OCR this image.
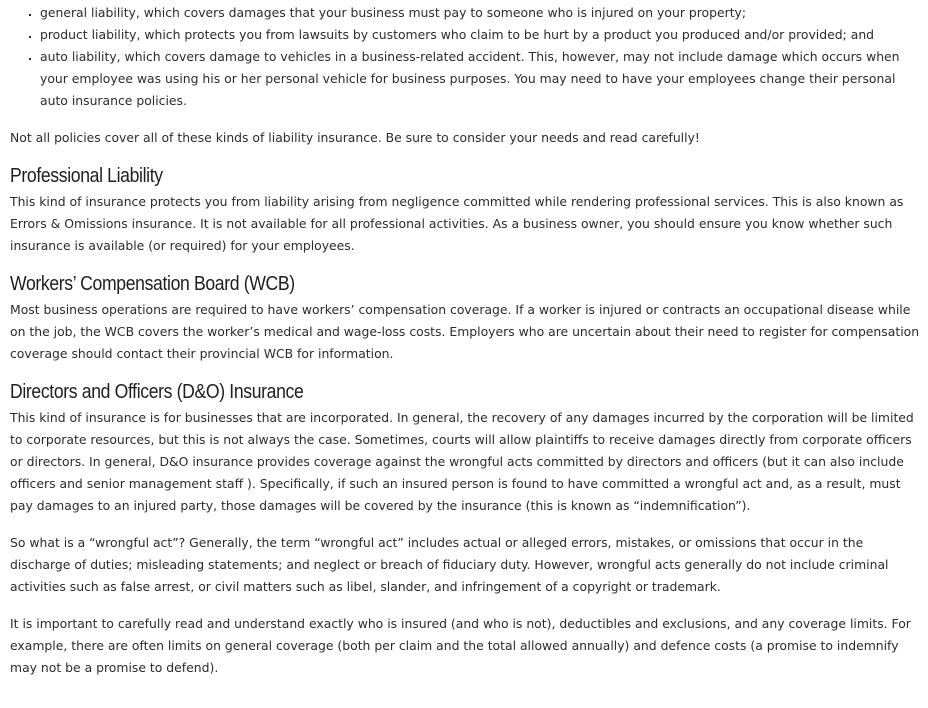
▪ general liability, which covers damages that your business must pay to someone who is injured on your property;
▪ product liability, which protects you from lawsuits by customers who claim to be hurt by a product you produced and/or provided; and
▪ auto liability, which covers damage to vehicles in a business-related accident. This, however, may not include damage which occurs when your employee was using his or her personal vehicle for business purposes. You may need to have your employees change their personal auto insurance policies.

Not all policies cover all of these kinds of liability insurance. Be sure to consider your needs and read carefully!

Professional Liability

This kind of insurance protects you from liability arising from negligence committed while rendering professional services. This is also known as Errors & Omissions insurance. It is not available for all professional activities. As a business owner, you should ensure you know whether such insurance is available (or required) for your employees.

Workers’ Compensation Board (WCB)

Most business operations are required to have workers’ compensation coverage. If a worker is injured or contracts an occupational disease while on the job, the WCB covers the worker’s medical and wage-loss costs. Employers who are uncertain about their need to register for compensation coverage should contact their provincial WCB for information.

Directors and Officers (D&O) Insurance

This kind of insurance is for businesses that are incorporated. In general, the recovery of any damages incurred by the corporation will be limited to corporate resources, but this is not always the case. Sometimes, courts will allow plaintiffs to receive damages directly from corporate officers or directors. In general, D&O insurance provides coverage against the wrongful acts committed by directors and officers (but it can also include officers and senior management staff ). Specifically, if such an insured person is found to have committed a wrongful act and, as a result, must pay damages to an injured party, those damages will be covered by the insurance (this is known as “indemnification”).

So what is a “wrongful act”? Generally, the term “wrongful act” includes actual or alleged errors, mistakes, or omissions that occur in the discharge of duties; misleading statements; and neglect or breach of fiduciary duty. However, wrongful acts generally do not include criminal activities such as false arrest, or civil matters such as libel, slander, and infringement of a copyright or trademark.

It is important to carefully read and understand exactly who is insured (and who is not), deductibles and exclusions, and any coverage limits. For example, there are often limits on general coverage (both per claim and the total allowed annually) and defence costs (a promise to indemnify may not be a promise to defend).
